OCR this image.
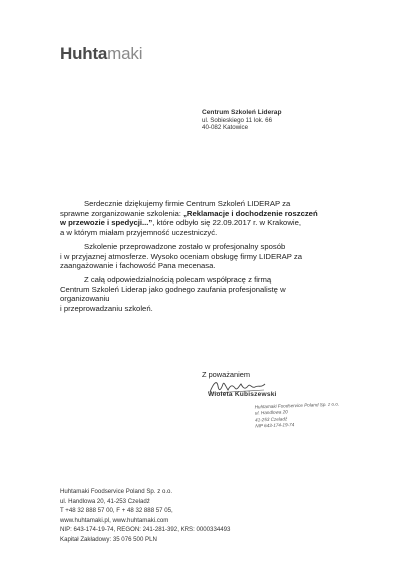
Huhtamaki
Centrum Szkoleń Liderap
ul. Sobieskiego 11 lok. 66
40-082 Katowice
Serdecznie dziękujemy firmie Centrum Szkoleń LIDERAP za
sprawne zorganizowanie szkolenia: „Reklamacje i dochodzenie roszczeń
w przewozie i spedycji...”, które odbyło się 22.09.2017 r. w Krakowie,
a w którym miałam przyjemność uczestniczyć.
Szkolenie przeprowadzone zostało w profesjonalny sposób
i w przyjaznej atmosferze. Wysoko oceniam obsługę firmy LIDERAP za
zaangażowanie i fachowość Pana mecenasa.
Z całą odpowiedzialnością polecam współpracę z firmą
Centrum Szkoleń Liderap jako godnego zaufania profesjonalistę w
organizowaniu
i przeprowadzaniu szkoleń.
Z poważaniem
Wioleta Kubiszewski
Huhtamaki Foodservice Poland Sp. z o.o.
ul. Handlowa 20
41-253 Czeladź
NIP 643-174-19-74
Huhtamaki Foodservice Poland Sp. z o.o.
ul. Handlowa 20, 41-253 Czeladź
T +48 32 888 57 00, F + 48 32 888 57 05,
www.huhtamaki.pl, www.huhtamaki.com
NIP: 643-174-19-74, REGON: 241-281-392, KRS: 0000334493
Kapitał Zakładowy: 35 076 500 PLN
